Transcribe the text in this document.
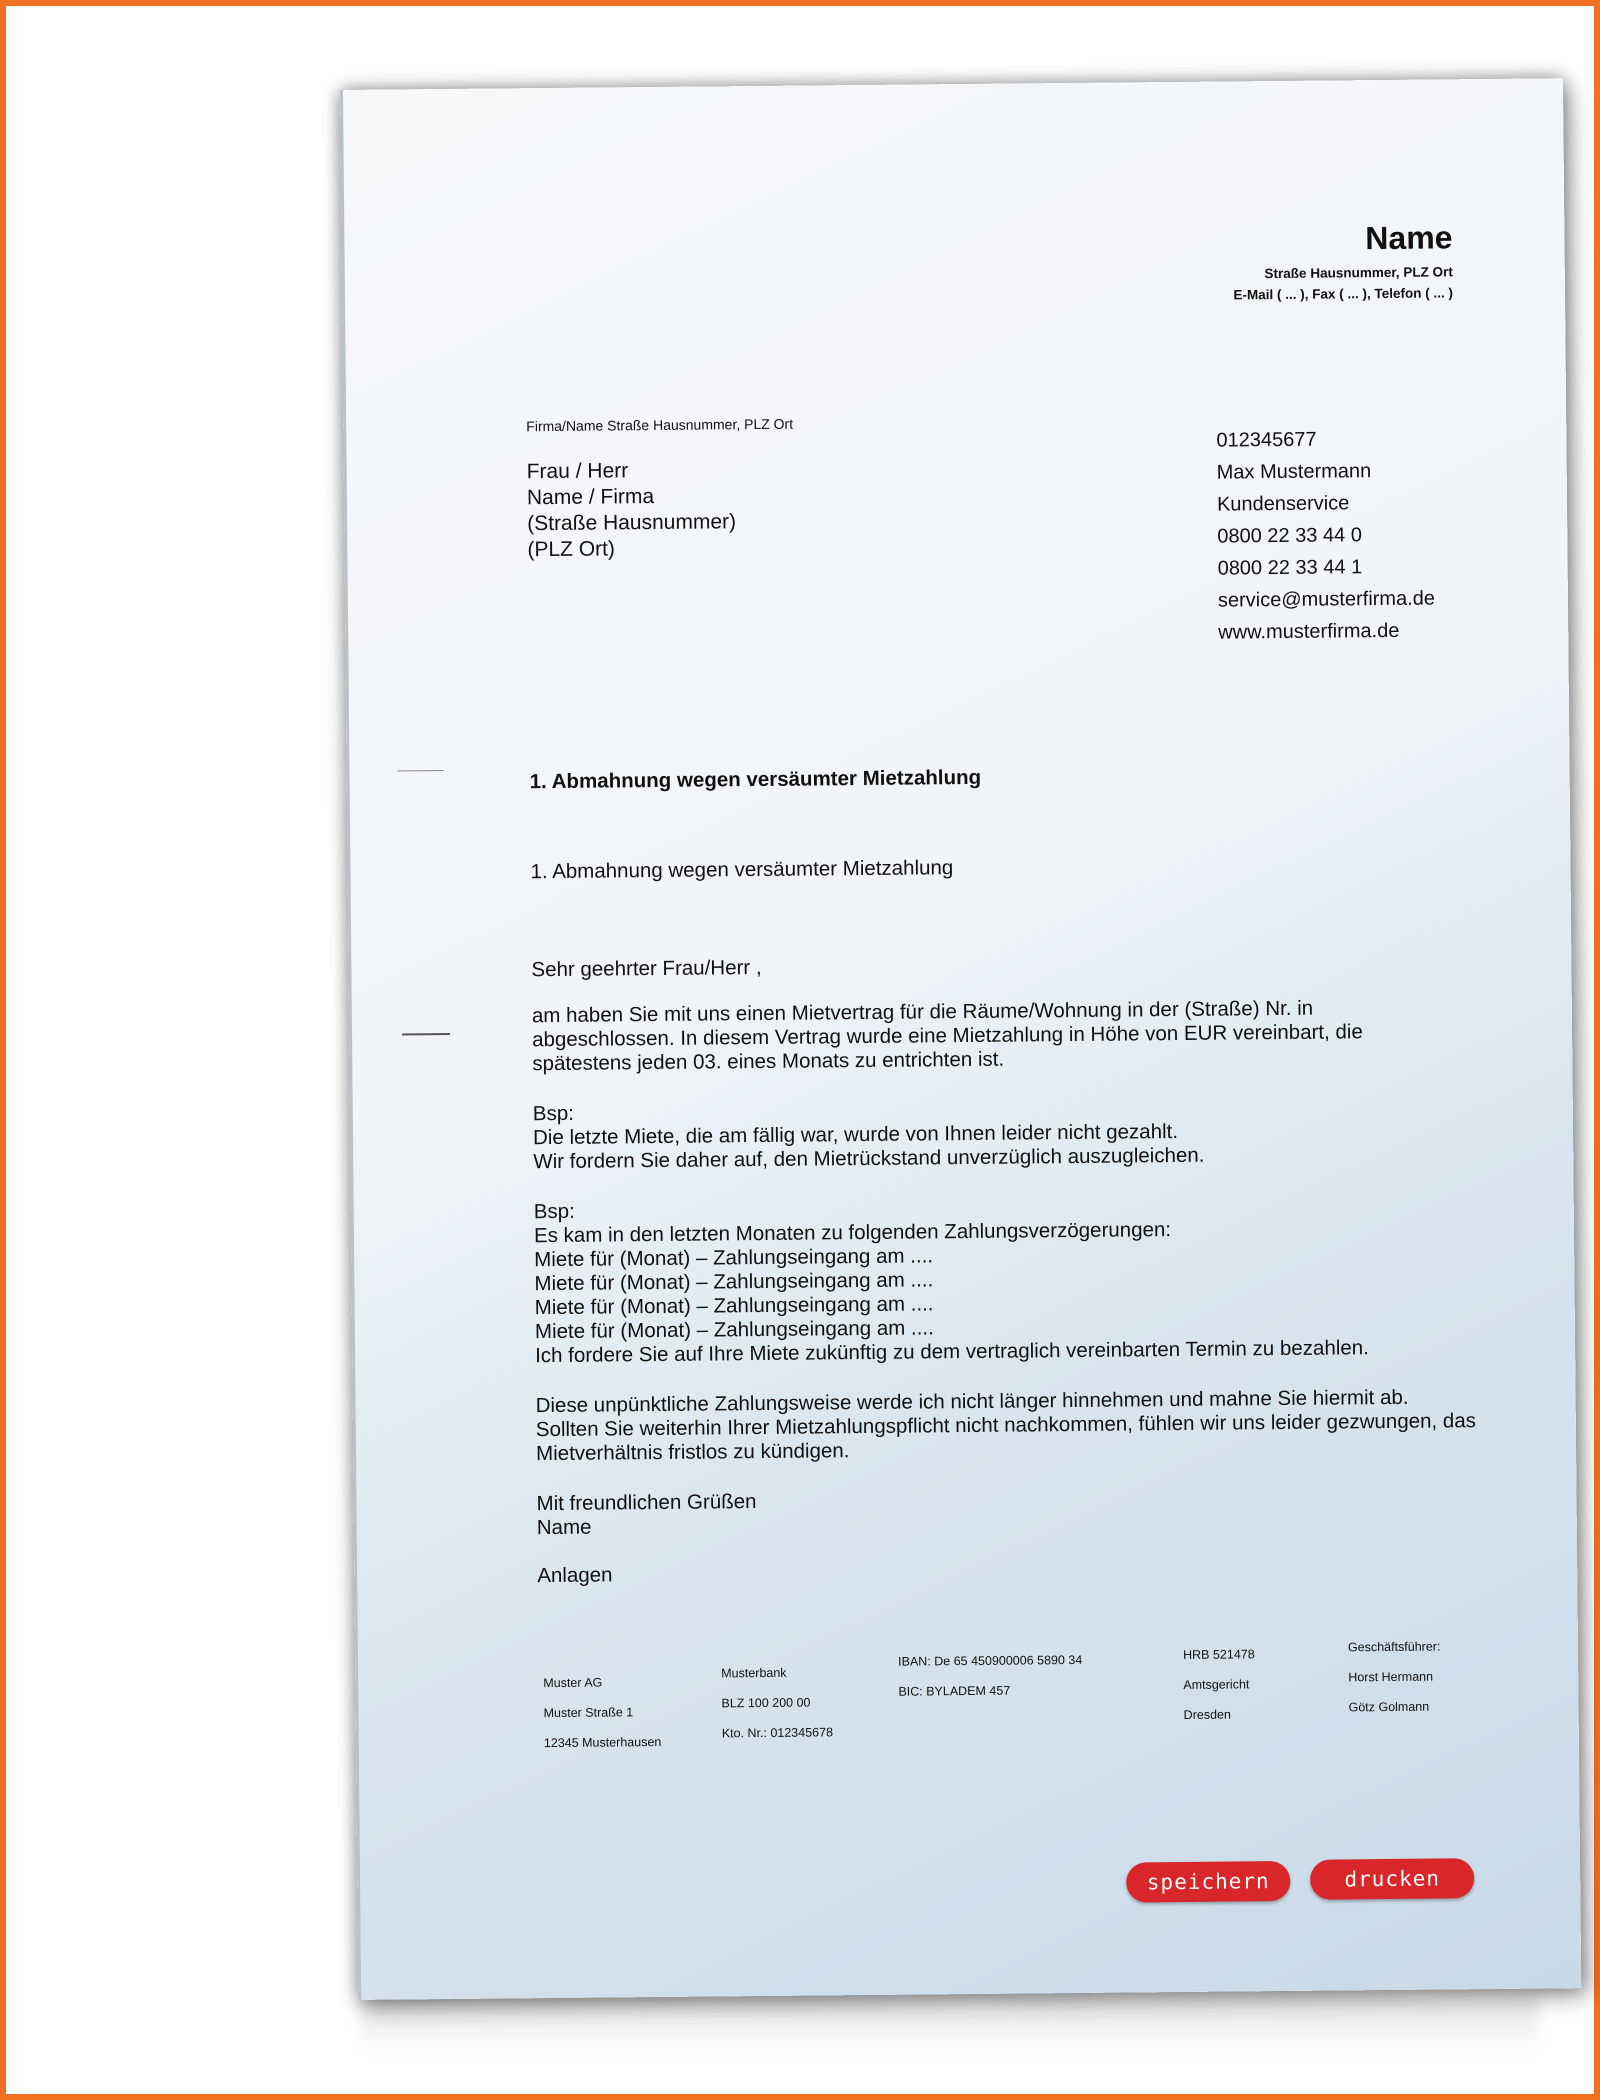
Name
Straße Hausnummer, PLZ Ort
E-Mail ( ... ), Fax ( ... ), Telefon ( ... )
Firma/Name Straße Hausnummer, PLZ Ort
Frau / Herr
Name / Firma
(Straße Hausnummer)
(PLZ Ort)
012345677
Max Mustermann
Kundenservice
0800 22 33 44 0
0800 22 33 44 1
service@musterfirma.de
www.musterfirma.de
1. Abmahnung wegen versäumter Mietzahlung
1. Abmahnung wegen versäumter Mietzahlung
Sehr geehrter Frau/Herr ,
am haben Sie mit uns einen Mietvertrag für die Räume/Wohnung in der (Straße) Nr. in
abgeschlossen. In diesem Vertrag wurde eine Mietzahlung in Höhe von EUR vereinbart, die
spätestens jeden 03. eines Monats zu entrichten ist.
Bsp:
Die letzte Miete, die am fällig war, wurde von Ihnen leider nicht gezahlt.
Wir fordern Sie daher auf, den Mietrückstand unverzüglich auszugleichen.
Bsp:
Es kam in den letzten Monaten zu folgenden Zahlungsverzögerungen:
Miete für (Monat) – Zahlungseingang am ....
Miete für (Monat) – Zahlungseingang am ....
Miete für (Monat) – Zahlungseingang am ....
Miete für (Monat) – Zahlungseingang am ....
Ich fordere Sie auf Ihre Miete zukünftig zu dem vertraglich vereinbarten Termin zu bezahlen.
Diese unpünktliche Zahlungsweise werde ich nicht länger hinnehmen und mahne Sie hiermit ab.
Sollten Sie weiterhin Ihrer Mietzahlungspflicht nicht nachkommen, fühlen wir uns leider gezwungen, das
Mietverhältnis fristlos zu kündigen.
Mit freundlichen Grüßen
Name
Anlagen
Muster AG
Muster Straße 1
12345 Musterhausen
Musterbank
BLZ 100 200 00
Kto. Nr.: 012345678
IBAN: De 65 450900006 5890 34
BIC: BYLADEM 457
HRB 521478
Amtsgericht
Dresden
Geschäftsführer:
Horst Hermann
Götz Golmann
speichern	drucken
